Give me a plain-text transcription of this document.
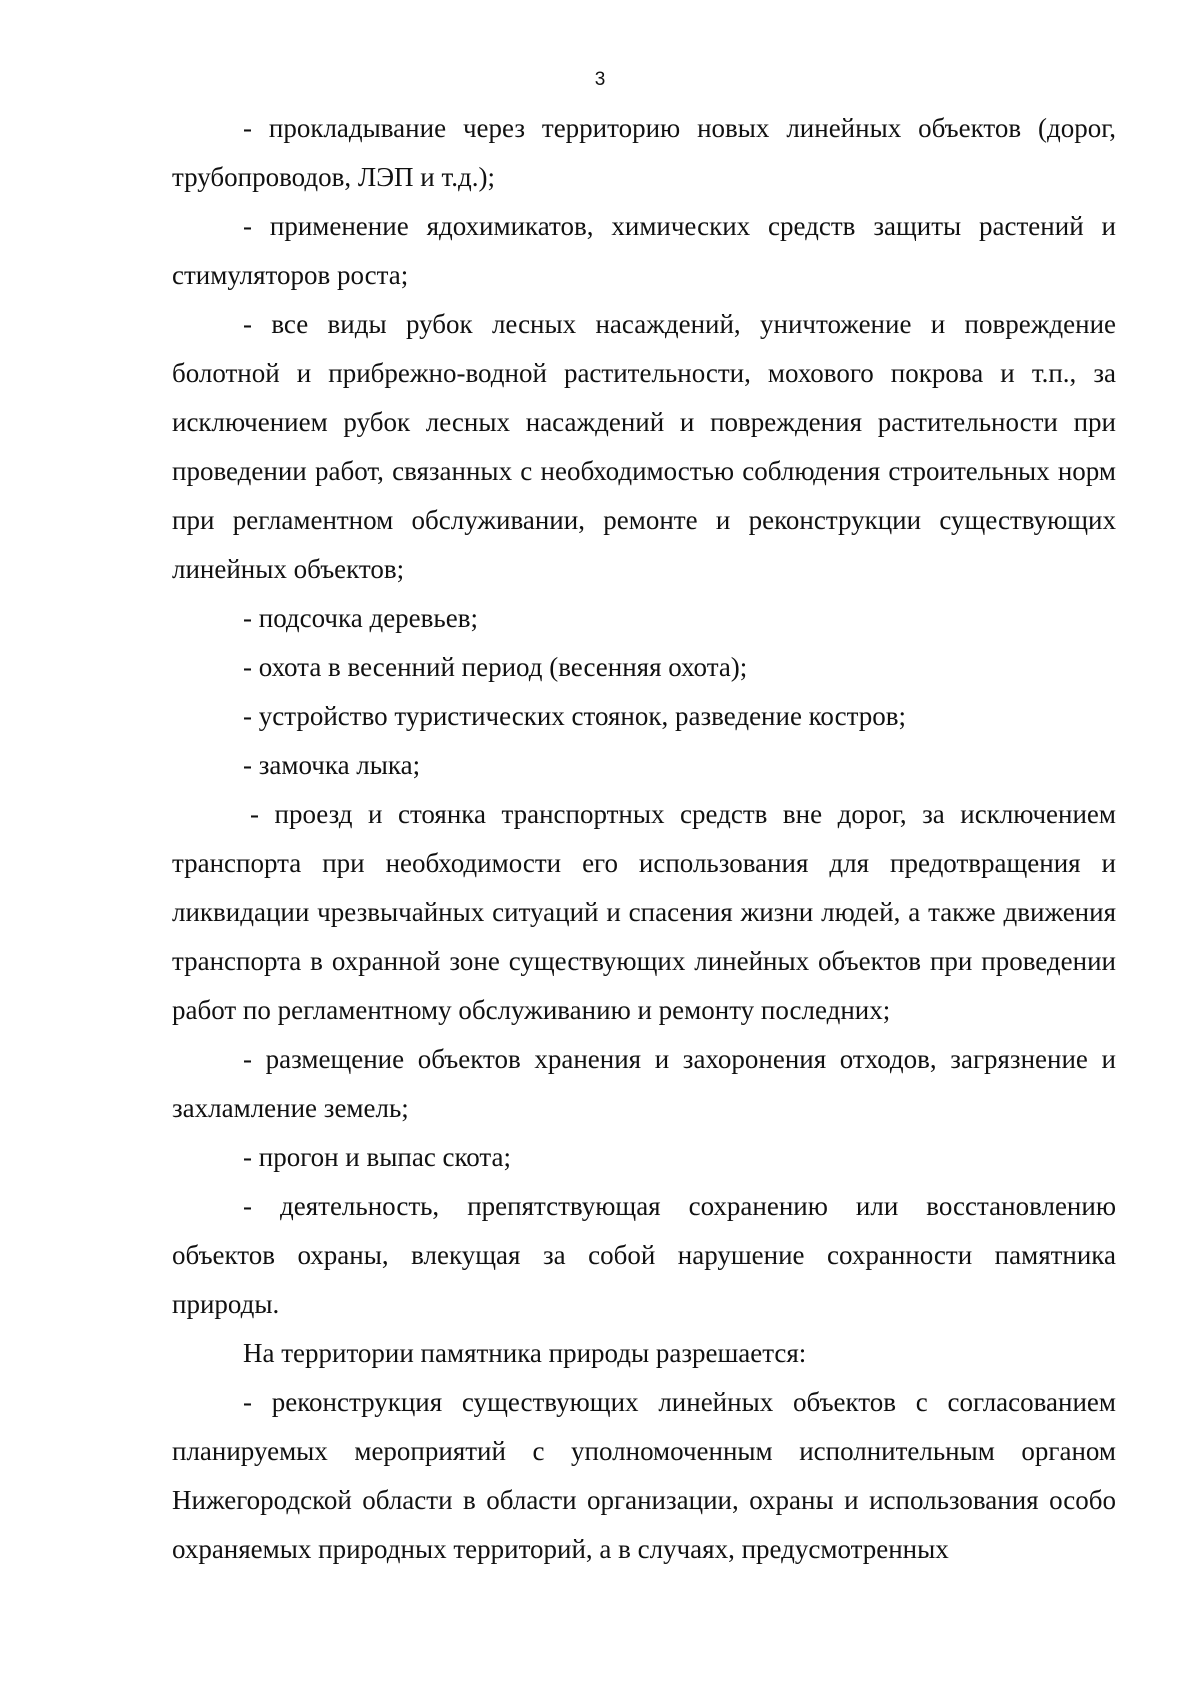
3

- прокладывание через территорию новых линейных объектов (дорог, трубопроводов, ЛЭП и т.д.);

- применение ядохимикатов, химических средств защиты растений и стимуляторов роста;

- все виды рубок лесных насаждений, уничтожение и повреждение болотной и прибрежно-водной растительности, мохового покрова и т.п., за исключением рубок лесных насаждений и повреждения растительности при проведении работ, связанных с необходимостью соблюдения строительных норм при регламентном обслуживании, ремонте и реконструкции существующих линейных объектов;

- подсочка деревьев;

- охота в весенний период (весенняя охота);

- устройство туристических стоянок, разведение костров;

- замочка лыка;

- проезд и стоянка транспортных средств вне дорог, за исключением транспорта при необходимости его использования для предотвращения и ликвидации чрезвычайных ситуаций и спасения жизни людей, а также движения транспорта в охранной зоне существующих линейных объектов при проведении работ по регламентному обслуживанию и ремонту последних;

- размещение объектов хранения и захоронения отходов, загрязнение и захламление земель;

- прогон и выпас скота;

- деятельность, препятствующая сохранению или восстановлению объектов охраны, влекущая за собой нарушение сохранности памятника природы.

На территории памятника природы разрешается:

- реконструкция существующих линейных объектов с согласованием планируемых мероприятий с уполномоченным исполнительным органом Нижегородской области в области организации, охраны и использования особо охраняемых природных территорий, а в случаях, предусмотренных
